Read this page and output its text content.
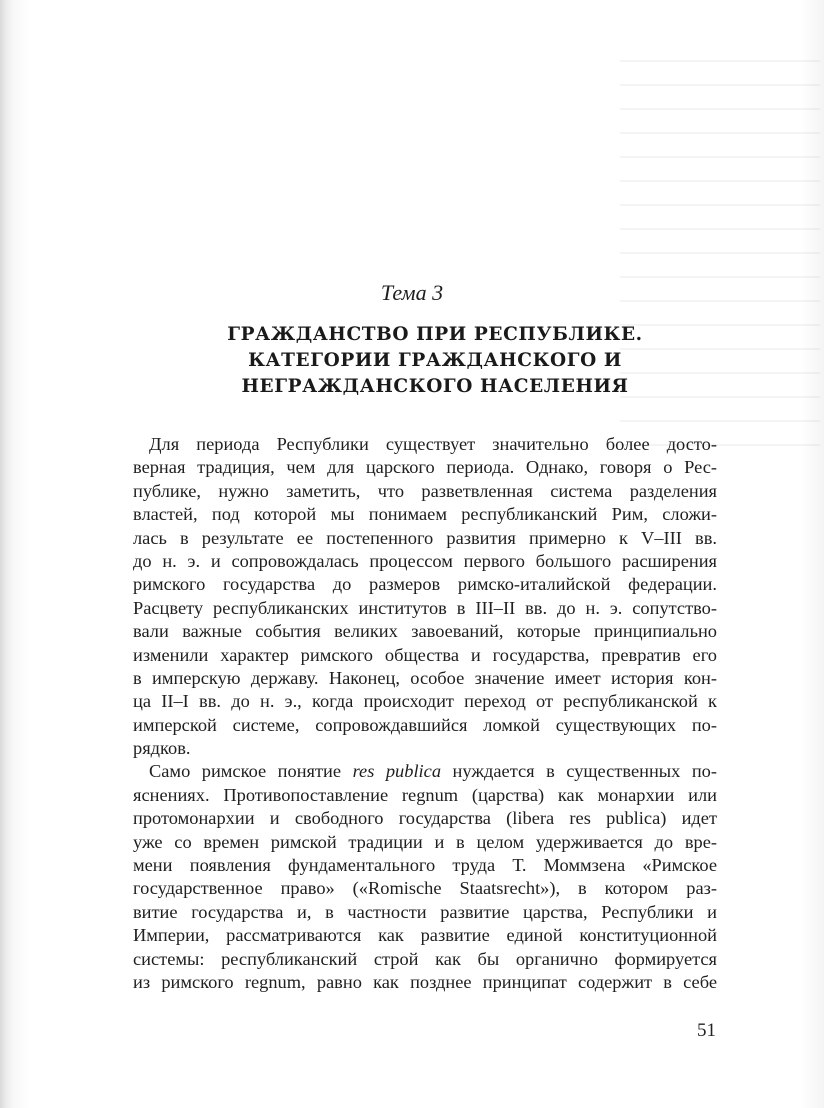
Тема 3
ГРАЖДАНСТВО ПРИ РЕСПУБЛИКЕ.
КАТЕГОРИИ ГРАЖДАНСКОГО И
НЕГРАЖДАНСКОГО НАСЕЛЕНИЯ
Для периода Республики существует значительно более досто-
верная традиция, чем для царского периода. Однако, говоря о Рес-
публике, нужно заметить, что разветвленная система разделения
властей, под которой мы понимаем республиканский Рим, сложи-
лась в результате ее постепенного развития примерно к V–III вв.
до н. э. и сопровождалась процессом первого большого расширения
римского государства до размеров римско-италийской федерации.
Расцвету республиканских институтов в III–II вв. до н. э. сопутство-
вали важные события великих завоеваний, которые принципиально
изменили характер римского общества и государства, превратив его
в имперскую державу. Наконец, особое значение имеет история кон-
ца II–I вв. до н. э., когда происходит переход от республиканской к
имперской системе, сопровождавшийся ломкой существующих по-
рядков.
Само римское понятие res publica нуждается в существенных по-
яснениях. Противопоставление regnum (царства) как монархии или
протомонархии и свободного государства (libera res publica) идет
уже со времен римской традиции и в целом удерживается до вре-
мени появления фундаментального труда Т. Моммзена «Римское
государственное право» («Romische Staatsrecht»), в котором раз-
витие государства и, в частности развитие царства, Республики и
Империи, рассматриваются как развитие единой конституционной
системы: республиканский строй как бы органично формируется
из римского regnum, равно как позднее принципат содержит в себе
51
